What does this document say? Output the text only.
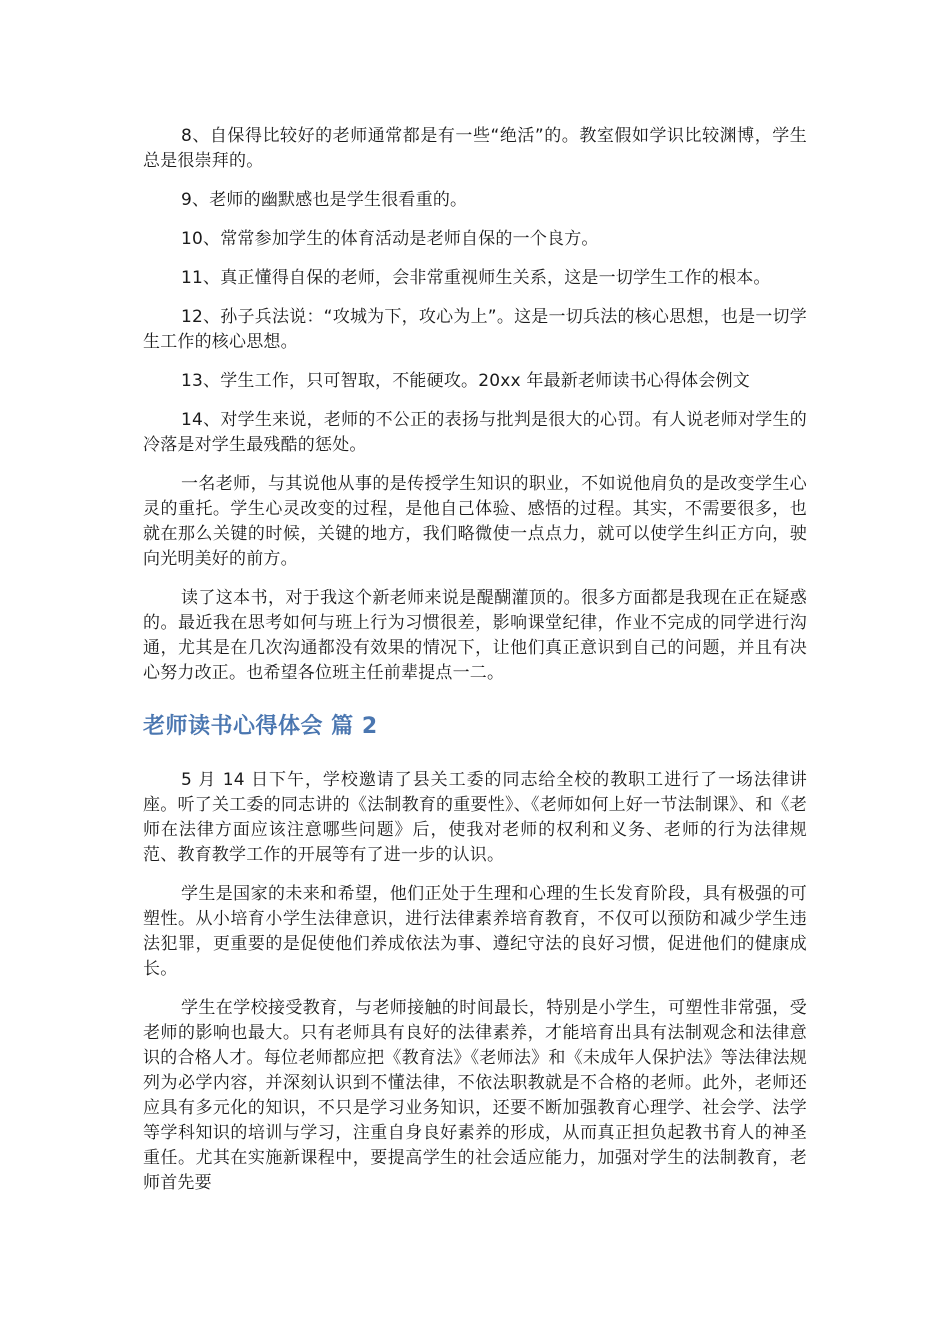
8、自保得比较好的老师通常都是有一些“绝活”的。教室假如学识比较渊博，学生总是很崇拜的。

9、老师的幽默感也是学生很看重的。

10、常常参加学生的体育活动是老师自保的一个良方。

11、真正懂得自保的老师，会非常重视师生关系，这是一切学生工作的根本。

12、孙子兵法说：“攻城为下，攻心为上”。这是一切兵法的核心思想，也是一切学生工作的核心思想。

13、学生工作，只可智取，不能硬攻。20xx 年最新老师读书心得体会例文

14、对学生来说，老师的不公正的表扬与批判是很大的心罚。有人说老师对学生的冷落是对学生最残酷的惩处。

一名老师，与其说他从事的是传授学生知识的职业，不如说他肩负的是改变学生心灵的重托。学生心灵改变的过程，是他自己体验、感悟的过程。其实，不需要很多，也就在那么关键的时候，关键的地方，我们略微使一点点力，就可以使学生纠正方向，驶向光明美好的前方。

读了这本书，对于我这个新老师来说是醍醐灌顶的。很多方面都是我现在正在疑惑的。最近我在思考如何与班上行为习惯很差，影响课堂纪律，作业不完成的同学进行沟通，尤其是在几次沟通都没有效果的情况下，让他们真正意识到自己的问题，并且有决心努力改正。也希望各位班主任前辈提点一二。

老师读书心得体会 篇 2

5 月 14 日下午，学校邀请了县关工委的同志给全校的教职工进行了一场法律讲座。听了关工委的同志讲的《法制教育的重要性》、《老师如何上好一节法制课》、和《老师在法律方面应该注意哪些问题》后，使我对老师的权利和义务、老师的行为法律规范、教育教学工作的开展等有了进一步的认识。

学生是国家的未来和希望，他们正处于生理和心理的生长发育阶段，具有极强的可塑性。从小培育小学生法律意识，进行法律素养培育教育，不仅可以预防和减少学生违法犯罪，更重要的是促使他们养成依法为事、遵纪守法的良好习惯，促进他们的健康成长。

学生在学校接受教育，与老师接触的时间最长，特别是小学生，可塑性非常强，受老师的影响也最大。只有老师具有良好的法律素养，才能培育出具有法制观念和法律意识的合格人才。每位老师都应把《教育法》《老师法》和《未成年人保护法》等法律法规列为必学内容，并深刻认识到不懂法律，不依法职教就是不合格的老师。此外，老师还应具有多元化的知识，不只是学习业务知识，还要不断加强教育心理学、社会学、法学等学科知识的培训与学习，注重自身良好素养的形成，从而真正担负起教书育人的神圣重任。尤其在实施新课程中，要提高学生的社会适应能力，加强对学生的法制教育，老师首先要
